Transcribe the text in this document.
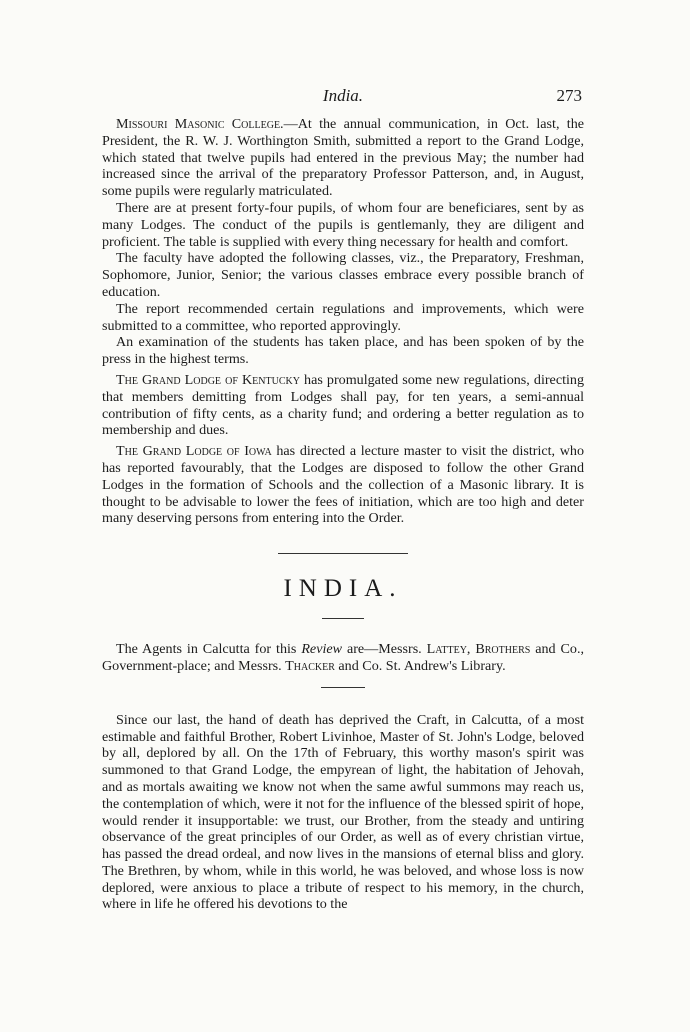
India.	273

Missouri Masonic College.—At the annual communication, in Oct. last, the President, the R. W. J. Worthington Smith, submitted a report to the Grand Lodge, which stated that twelve pupils had entered in the previous May; the number had increased since the arrival of the preparatory Professor Patterson, and, in August, some pupils were regularly matriculated.

There are at present forty-four pupils, of whom four are beneficiares, sent by as many Lodges. The conduct of the pupils is gentlemanly, they are diligent and proficient. The table is supplied with every thing necessary for health and comfort.

The faculty have adopted the following classes, viz., the Preparatory, Freshman, Sophomore, Junior, Senior; the various classes embrace every possible branch of education.

The report recommended certain regulations and improvements, which were submitted to a committee, who reported approvingly.

An examination of the students has taken place, and has been spoken of by the press in the highest terms.

The Grand Lodge of Kentucky has promulgated some new regulations, directing that members demitting from Lodges shall pay, for ten years, a semi-annual contribution of fifty cents, as a charity fund; and ordering a better regulation as to membership and dues.

The Grand Lodge of Iowa has directed a lecture master to visit the district, who has reported favourably, that the Lodges are disposed to follow the other Grand Lodges in the formation of Schools and the collection of a Masonic library. It is thought to be advisable to lower the fees of initiation, which are too high and deter many deserving persons from entering into the Order.

INDIA.

The Agents in Calcutta for this Review are—Messrs. Lattey, Brothers and Co., Government-place; and Messrs. Thacker and Co. St. Andrew's Library.

Since our last, the hand of death has deprived the Craft, in Calcutta, of a most estimable and faithful Brother, Robert Livinhoe, Master of St. John's Lodge, beloved by all, deplored by all. On the 17th of February, this worthy mason's spirit was summoned to that Grand Lodge, the empyrean of light, the habitation of Jehovah, and as mortals awaiting we know not when the same awful summons may reach us, the contemplation of which, were it not for the influence of the blessed spirit of hope, would render it insupportable: we trust, our Brother, from the steady and untiring observance of the great principles of our Order, as well as of every christian virtue, has passed the dread ordeal, and now lives in the mansions of eternal bliss and glory. The Brethren, by whom, while in this world, he was beloved, and whose loss is now deplored, were anxious to place a tribute of respect to his memory, in the church, where in life he offered his devotions to the
